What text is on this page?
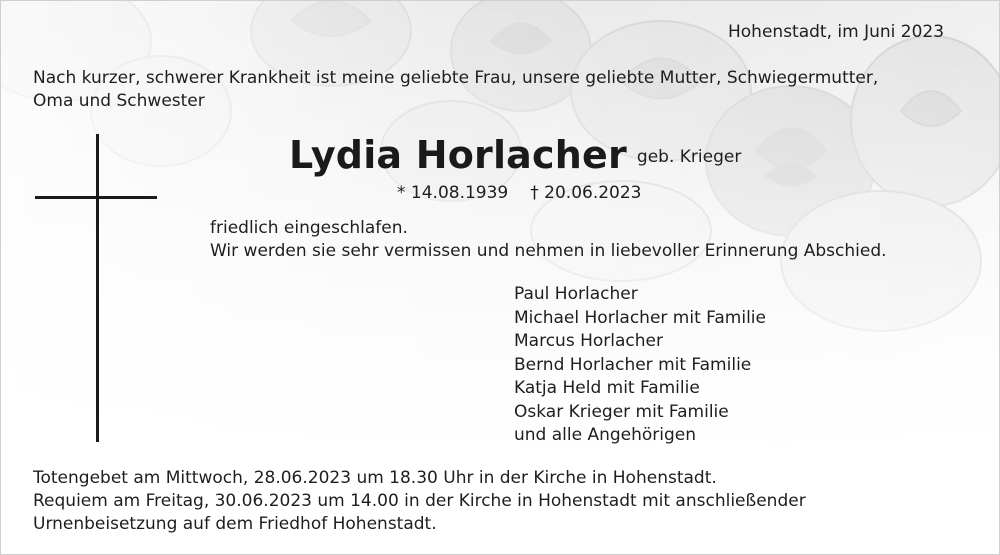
Hohenstadt, im Juni 2023

Nach kurzer, schwerer Krankheit ist meine geliebte Frau, unsere geliebte Mutter, Schwiegermutter,
Oma und Schwester
Lydia Horlacher geb. Krieger
* 14.08.1939 † 20.06.2023
friedlich eingeschlafen.
Wir werden sie sehr vermissen und nehmen in liebevoller Erinnerung Abschied.
Paul Horlacher
Michael Horlacher mit Familie
Marcus Horlacher
Bernd Horlacher mit Familie
Katja Held mit Familie
Oskar Krieger mit Familie
und alle Angehörigen
Totengebet am Mittwoch, 28.06.2023 um 18.30 Uhr in der Kirche in Hohenstadt.
Requiem am Freitag, 30.06.2023 um 14.00 in der Kirche in Hohenstadt mit anschließender
Urnenbeisetzung auf dem Friedhof Hohenstadt.
